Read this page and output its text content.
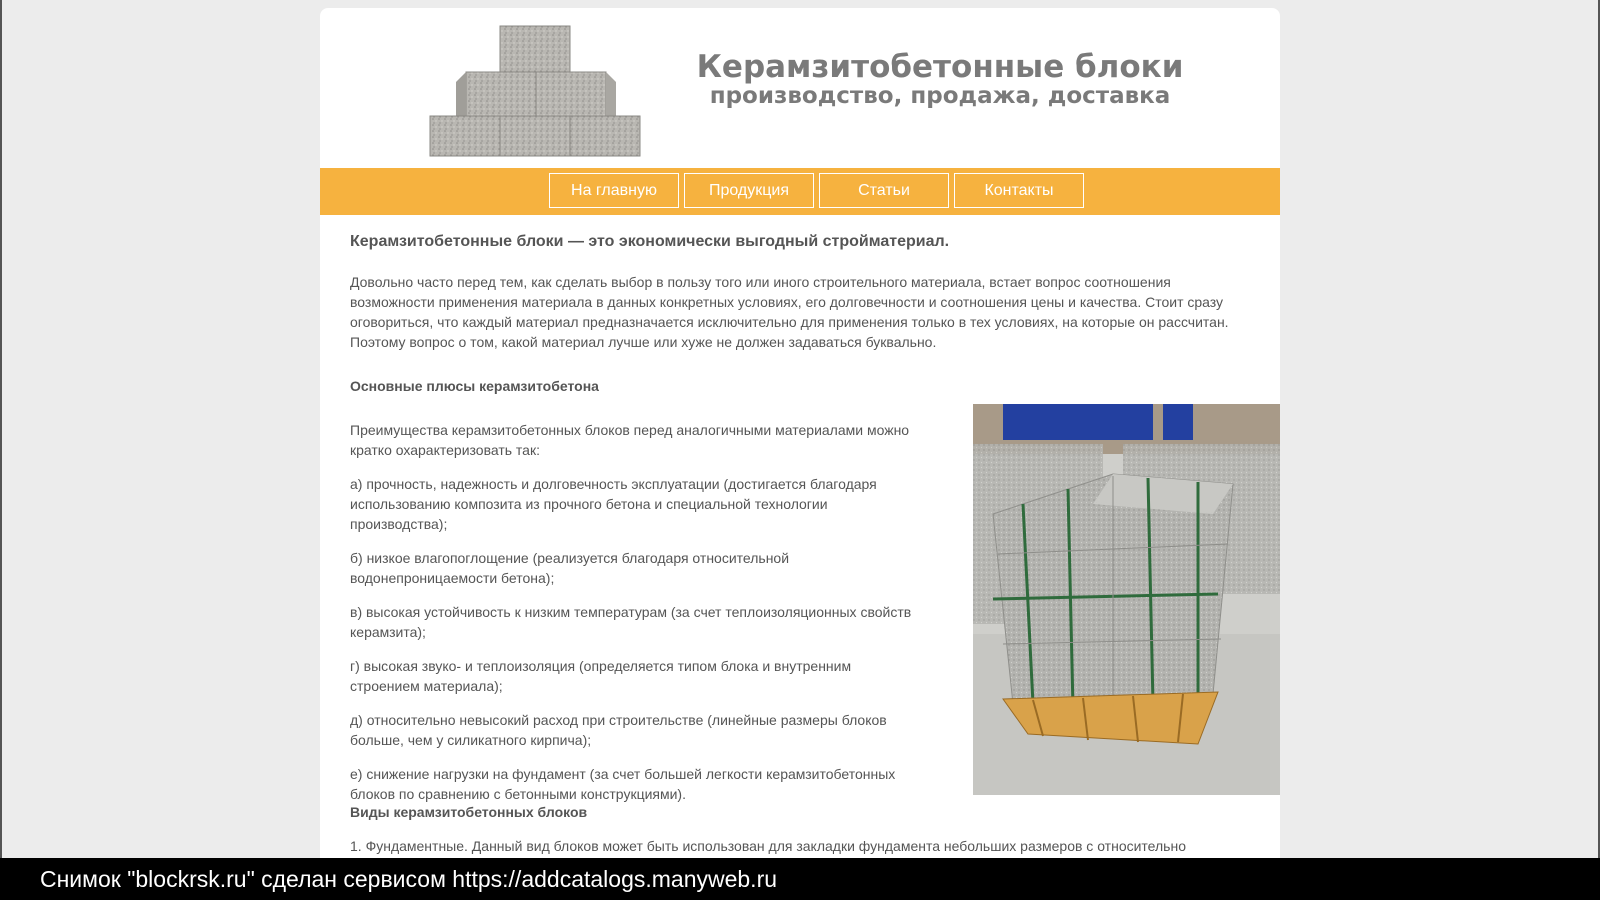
Керамзитобетонные блоки
производство, продажа, доставка
На главную	Продукция	Статьи	Контакты
Керамзитобетонные блоки — это экономически выгодный стройматериал.

Довольно часто перед тем, как сделать выбор в пользу того или иного строительного материала, встает вопрос соотношения возможности применения материала в данных конкретных условиях, его долговечности и соотношения цены и качества. Стоит сразу оговориться, что каждый материал предназначается исключительно для применения только в тех условиях, на которые он рассчитан. Поэтому вопрос о том, какой материал лучше или хуже не должен задаваться буквально.

Основные плюсы керамзитобетона

Преимущества керамзитобетонных блоков перед аналогичными материалами можно кратко охарактеризовать так:

а) прочность, надежность и долговечность эксплуатации (достигается благодаря использованию композита из прочного бетона и специальной технологии производства);

б) низкое влагопоглощение (реализуется благодаря относительной водонепроницаемости бетона);

в) высокая устойчивость к низким температурам (за счет теплоизоляционных свойств керамзита);

г) высокая звуко- и теплоизоляция (определяется типом блока и внутренним строением материала);

д) относительно невысокий расход при строительстве (линейные размеры блоков больше, чем у силикатного кирпича);

е) снижение нагрузки на фундамент (за счет большей легкости керамзитобетонных блоков по сравнению с бетонными конструкциями).

Виды керамзитобетонных блоков
1. Фундаментные. Данный вид блоков может быть использован для закладки фундамента небольших размеров с относительно
Снимок "blockrsk.ru" сделан сервисом https://addcatalogs.manyweb.ru
